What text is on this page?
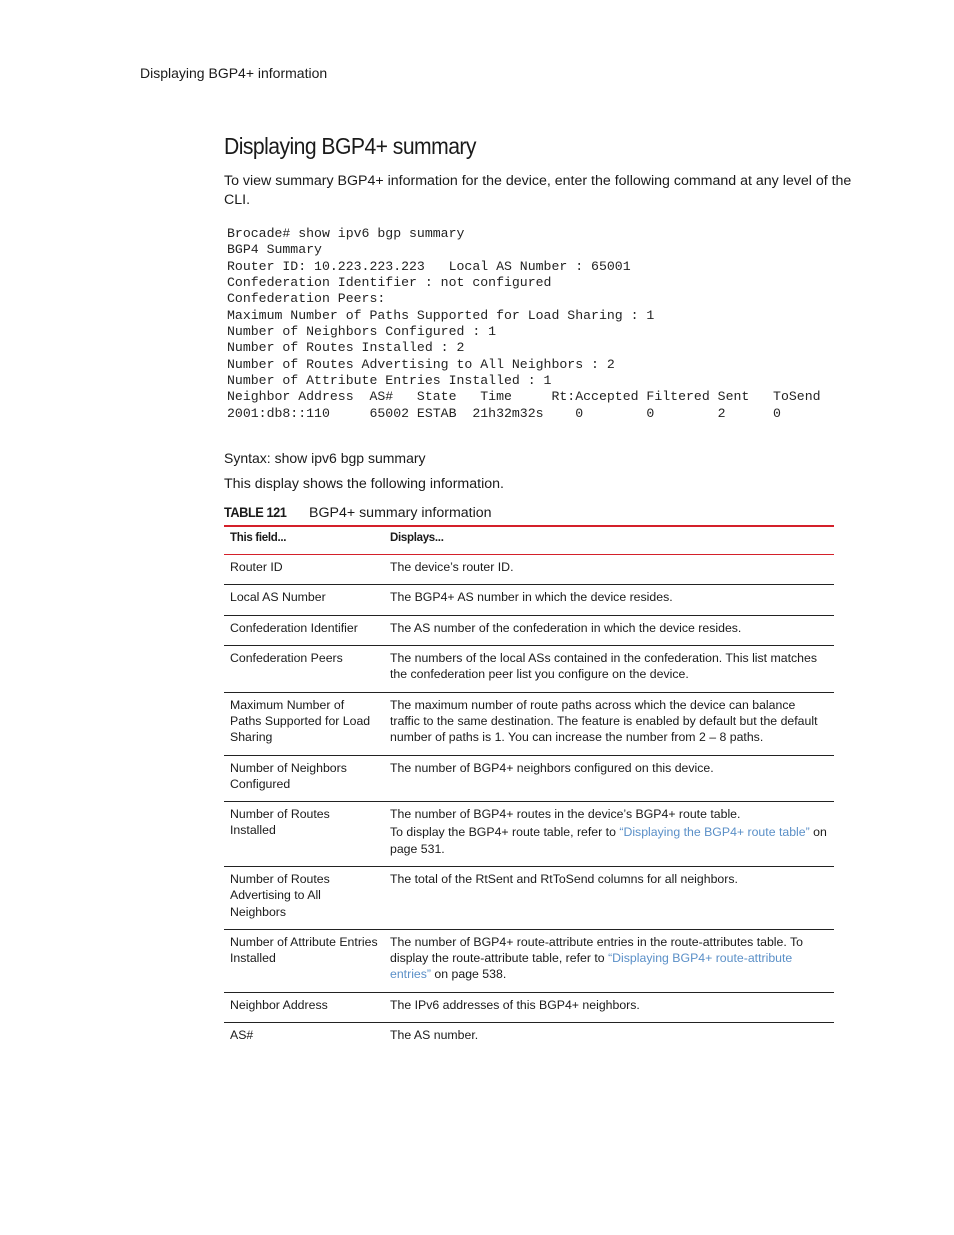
Displaying BGP4+ information
Displaying BGP4+ summary

To view summary BGP4+ information for the device, enter the following command at any level of the CLI.

Brocade# show ipv6 bgp summary
BGP4 Summary
Router ID: 10.223.223.223   Local AS Number : 65001
Confederation Identifier : not configured
Confederation Peers:
Maximum Number of Paths Supported for Load Sharing : 1
Number of Neighbors Configured : 1
Number of Routes Installed : 2
Number of Routes Advertising to All Neighbors : 2
Number of Attribute Entries Installed : 1
Neighbor Address  AS#   State   Time     Rt:Accepted Filtered Sent   ToSend
2001:db8::110     65002 ESTAB  21h32m32s    0        0        2      0
Syntax: show ipv6 bgp summary
This display shows the following information.
TABLE 121	BGP4+ summary information
This field...	Displays...
Router ID	The device’s router ID.
Local AS Number	The BGP4+ AS number in which the device resides.
Confederation Identifier	The AS number of the confederation in which the device resides.
Confederation Peers	The numbers of the local ASs contained in the confederation. This list matches the confederation peer list you configure on the device.
Maximum Number of Paths Supported for Load Sharing	The maximum number of route paths across which the device can balance traffic to the same destination. The feature is enabled by default but the default number of paths is 1. You can increase the number from 2 – 8 paths.
Number of Neighbors Configured	The number of BGP4+ neighbors configured on this device.
Number of Routes Installed	The number of BGP4+ routes in the device’s BGP4+ route table.
To display the BGP4+ route table, refer to “Displaying the BGP4+ route table” on page 531.

Number of Routes Advertising to All Neighbors	The total of the RtSent and RtToSend columns for all neighbors.
Number of Attribute Entries Installed	The number of BGP4+ route-attribute entries in the route-attributes table. To display the route-attribute table, refer to “Displaying BGP4+ route-attribute entries” on page 538.
Neighbor Address	The IPv6 addresses of this BGP4+ neighbors.
AS#	The AS number.
